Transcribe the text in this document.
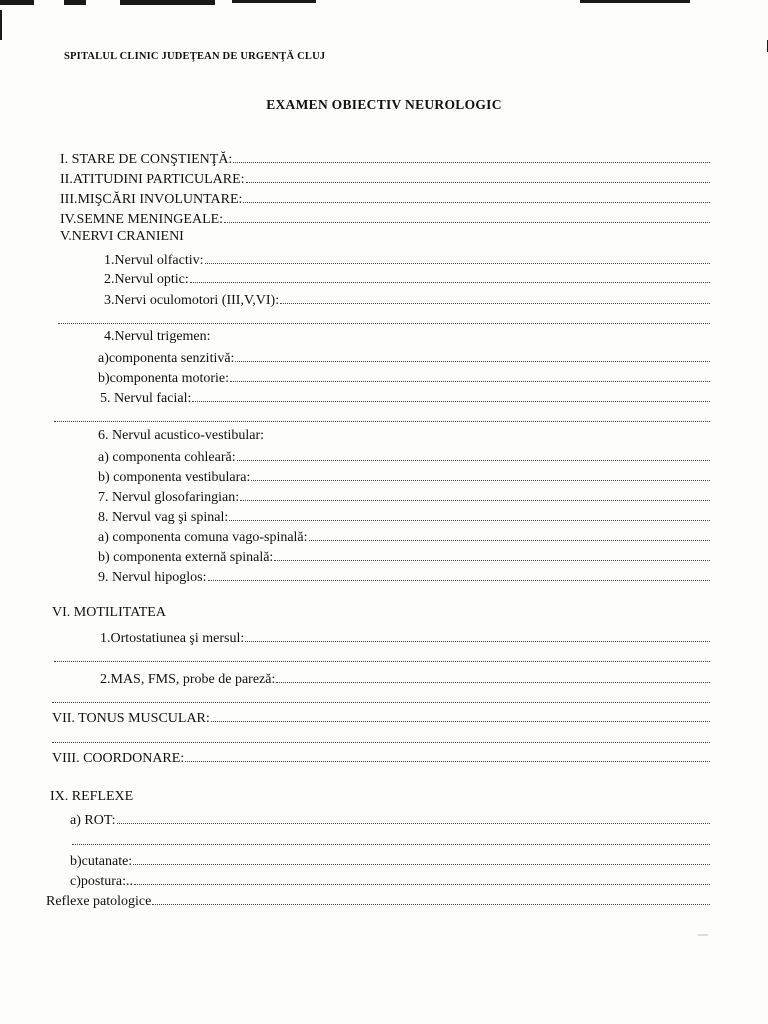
SPITALUL CLINIC JUDEŢEAN DE URGENŢĂ CLUJ
EXAMEN OBIECTIV NEUROLOGIC
I. STARE DE CONŞTIENŢĂ:
II.ATITUDINI PARTICULARE:
III.MIŞCĂRI INVOLUNTARE:
IV.SEMNE MENINGEALE:
V.NERVI CRANIENI
1.Nervul olfactiv:
2.Nervul optic:
3.Nervi oculomotori (III,V,VI):
4.Nervul trigemen:
a)componenta senzitivă:
b)componenta motorie:
5. Nervul facial:
6. Nervul acustico-vestibular:
a) componenta cohleară:
b) componenta vestibulara:
7. Nervul glosofaringian:
8. Nervul vag şi spinal:
a) componenta comuna vago-spinală:
b) componenta externă spinală:
9. Nervul hipoglos:
VI. MOTILITATEA
1.Ortostatiunea şi mersul:
2.MAS, FMS, probe de pareză:
VII. TONUS MUSCULAR:
VIII. COORDONARE:
IX. REFLEXE
a) ROT:
b)cutanate:
c)postura:..
Reflexe patologice
